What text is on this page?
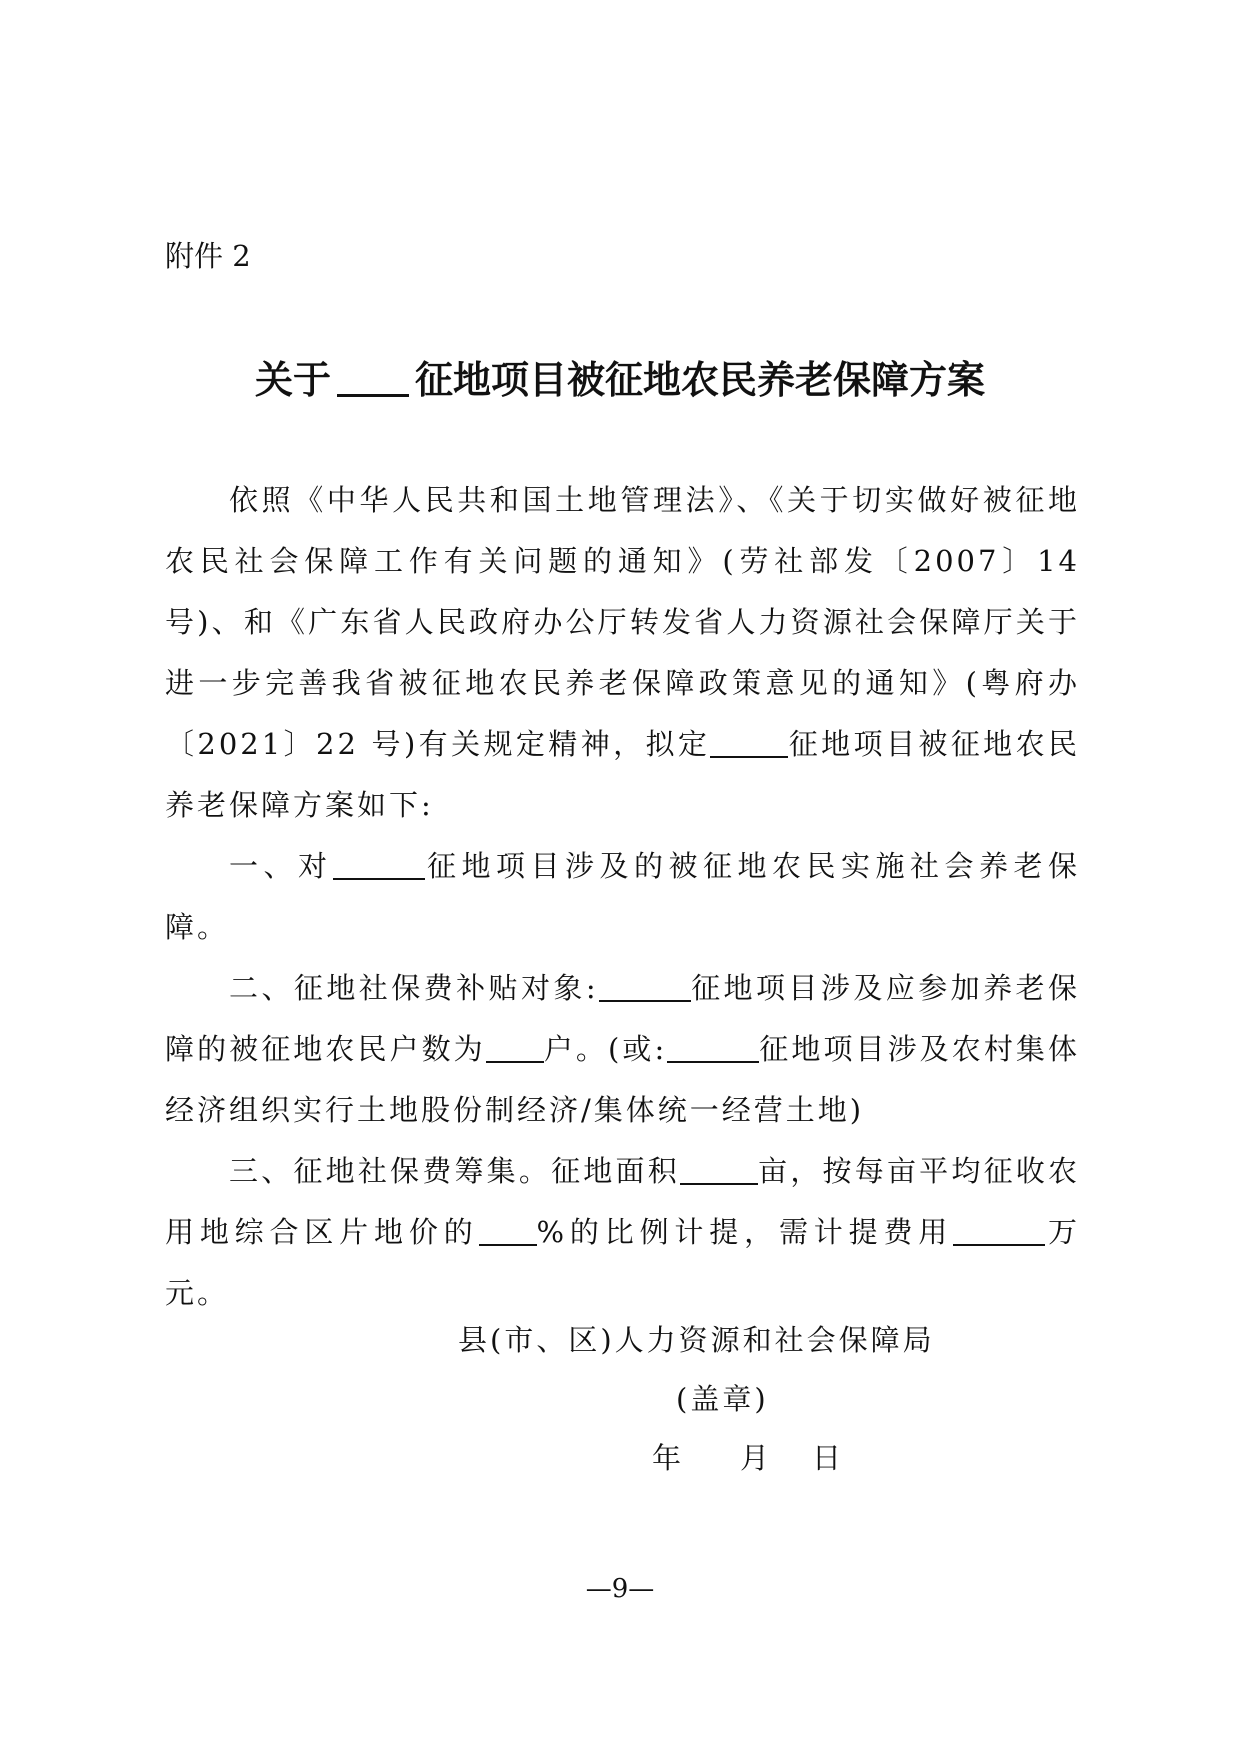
附件 2
关于 征地项目被征地农民养老保障方案

依照《中华人民共和国土地管理法》、《关于切实做好被征地农民社会保障工作有关问题的通知》(劳社部发〔2007〕14 号)、和《广东省人民政府办公厅转发省人力资源社会保障厅关于进一步完善我省被征地农民养老保障政策意见的通知》(粤府办〔2021〕22 号)有关规定精神，拟定	征地项目被征地农民养老保障方案如下:

一、对	征地项目涉及的被征地农民实施社会养老保障。

二、征地社保费补贴对象:	征地项目涉及应参加养老保障的被征地农民户数为 户。(或:	征地项目涉及农村集体经济组织实行土地股份制经济/集体统一经营土地)

三、征地社保费筹集。征地面积	亩，按每亩平均征收农用地综合区片地价的 %的比例计提，需计提费用	万元。

县(市、区)人力资源和社会保障局
(盖章)
年 月 日
—9—
